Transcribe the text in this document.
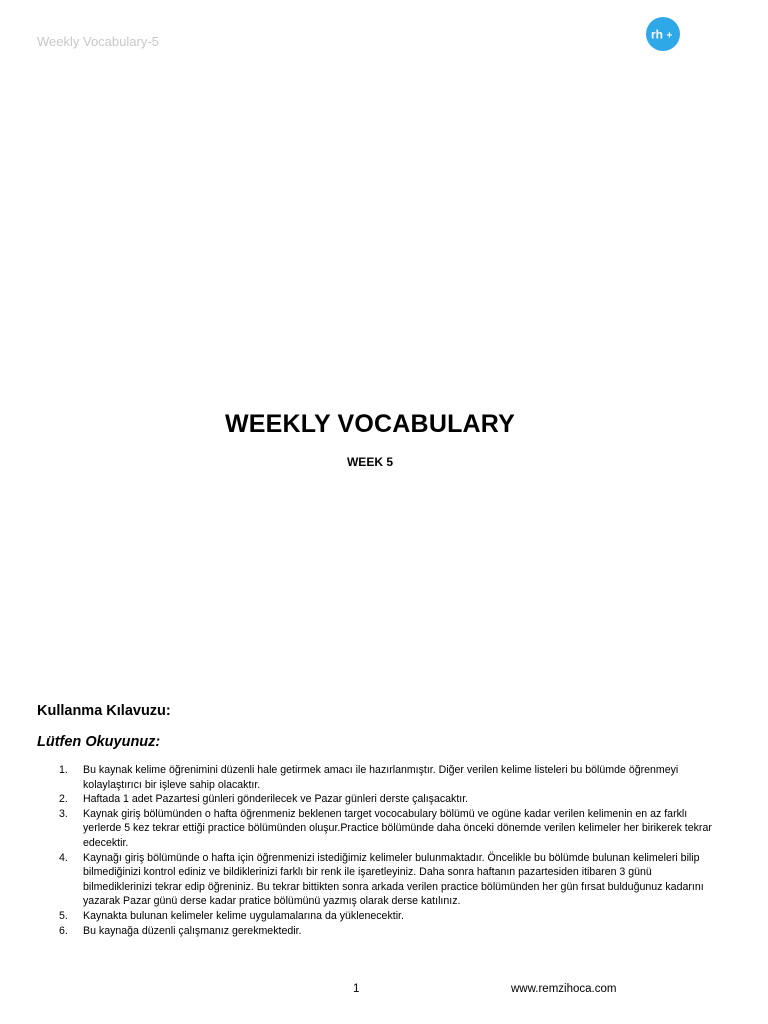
Weekly Vocabulary-5	rh +
WEEKLY VOCABULARY
WEEK 5
Kullanma Kılavuzu:
Lütfen Okuyunuz:
1. Bu kaynak kelime öğrenimini düzenli hale getirmek amacı ile hazırlanmıştır. Diğer verilen kelime listeleri bu bölümde öğrenmeyi kolaylaştırıcı bir işleve sahip olacaktır.
2. Haftada 1 adet Pazartesi günleri gönderilecek ve Pazar günleri derste çalışacaktır.
3. Kaynak giriş bölümünden o hafta öğrenmeniz beklenen target vococabulary bölümü ve ogüne kadar verilen kelimenin en az farklı yerlerde 5 kez tekrar ettiği practice bölümünden oluşur.Practice bölümünde daha önceki dönemde verilen kelimeler her birikerek tekrar edecektir.
4. Kaynağı giriş bölümünde o hafta için öğrenmenizi istediğimiz kelimeler bulunmaktadır. Öncelikle bu bölümde bulunan kelimeleri bilip bilmediğinizi kontrol ediniz ve bildiklerinizi farklı bir renk ile işaretleyiniz. Daha sonra haftanın pazartesiden itibaren 3 günü bilmediklerinizi tekrar edip öğreniniz. Bu tekrar bittikten sonra arkada verilen practice bölümünden her gün fırsat bulduğunuz kadarını yazarak Pazar günü derse kadar pratice bölümünü yazmış olarak derse katılınız.
5. Kaynakta bulunan kelimeler kelime uygulamalarına da yüklenecektir.
6. Bu kaynağa düzenli çalışmanız gerekmektedir.
1	www.remzihoca.com
